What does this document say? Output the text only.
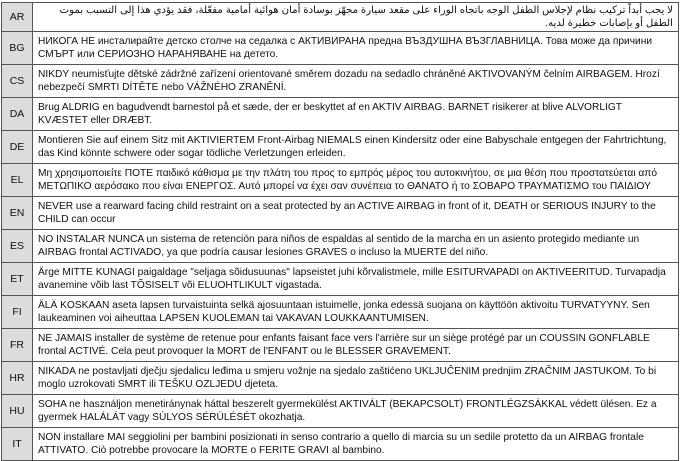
AR	لا يجب أبداً تركيب نظام لإجلاس الطفل الوجه باتجاه الوراء على مقعد سيارة مجهّز بوسادة أمان هوائية أمامية مفعّلة، فقد يؤدي هذا إلى التسبب بموت الطفل أو بإصابات خطيرة لديه.
BG	НИКОГА НЕ инсталирайте детско столче на седалка с АКТИВИРАНА предна ВЪЗДУШНА ВЪЗГЛАВНИЦА. Това може да причини СМЪРТ или СЕРИОЗНО НАРАНЯВАНЕ на детето.
CS	NIKDY neumisťujte dětské zádržné zařízení orientované směrem dozadu na sedadlo chráněné AKTIVOVANÝM čelním AIRBAGEM. Hrozí nebezpečí SMRTI DÍTĚTE nebo VÁŽNÉHO ZRANĚNÍ.
DA	Brug ALDRIG en bagudvendt barnestol på et sæde, der er beskyttet af en AKTIV AIRBAG. BARNET risikerer at blive ALVORLIGT KVÆSTET eller DRÆBT.
DE	Montieren Sie auf einem Sitz mit AKTIVIERTEM Front-Airbag NIEMALS einen Kindersitz oder eine Babyschale entgegen der Fahrtrichtung, das Kind könnte schwere oder sogar tödliche Verletzungen erleiden.
EL	Μη χρησιμοποιείτε ΠΟΤΕ παιδικό κάθισμα με την πλάτη του προς το εμπρός μέρος του αυτοκινήτου, σε μια θέση που προστατεύεται από ΜΕΤΩΠΙΚΟ αερόσακο που είναι ΕΝΕΡΓΟΣ. Αυτό μπορεί να έχει σαν συνέπεια το ΘΑΝΑΤΟ ή το ΣΟΒΑΡΟ ΤΡΑΥΜΑΤΙΣΜΟ του ΠΑΙΔΙΟΥ
EN	NEVER use a rearward facing child restraint on a seat protected by an ACTIVE AIRBAG in front of it, DEATH or SERIOUS INJURY to the CHILD can occur
ES	NO INSTALAR NUNCA un sistema de retención para niños de espaldas al sentido de la marcha en un asiento protegido mediante un AIRBAG frontal ACTIVADO, ya que podría causar lesiones GRAVES o incluso la MUERTE del niño.
ET	Ärge MITTE KUNAGI paigaldage "seljaga sõidusuunas" lapseistet juhi kõrvalistmele, mille ESITURVAPADI on AKTIVEERITUD. Turvapadja avanemine võib last TÕSISELT või ELUOHTLIKULT vigastada.
FI	ÄLÄ KOSKAAN aseta lapsen turvaistuinta selkä ajosuuntaan istuimelle, jonka edessä suojana on käyttöön aktivoitu TURVATYYNY. Sen laukeaminen voi aiheuttaa LAPSEN KUOLEMAN tai VAKAVAN LOUKKAANTUMISEN.
FR	NE JAMAIS installer de système de retenue pour enfants faisant face vers l'arrière sur un siège protégé par un COUSSIN GONFLABLE frontal ACTIVÉ. Cela peut provoquer la MORT de l'ENFANT ou le BLESSER GRAVEMENT.
HR	NIKADA ne postavljati dječju sjedalicu leđima u smjeru vožnje na sjedalo zaštićeno UKLJUČENIM prednjim ZRAČNIM JASTUKOM. To bi moglo uzrokovati SMRT ili TEŠKU OZLJEDU djeteta.
HU	SOHA ne használjon menetiránynak háttal beszerelt gyermekülést AKTIVÁLT (BEKAPCSOLT) FRONTLÉGZSÁKKAL védett ülésen. Ez a gyermek HALÁLÁT vagy SÚLYOS SÉRÜLÉSÉT okozhatja.
IT	NON installare MAI seggiolini per bambini posizionati in senso contrario a quello di marcia su un sedile protetto da un AIRBAG frontale ATTIVATO. Ciò potrebbe provocare la MORTE o FERITE GRAVI al bambino.
